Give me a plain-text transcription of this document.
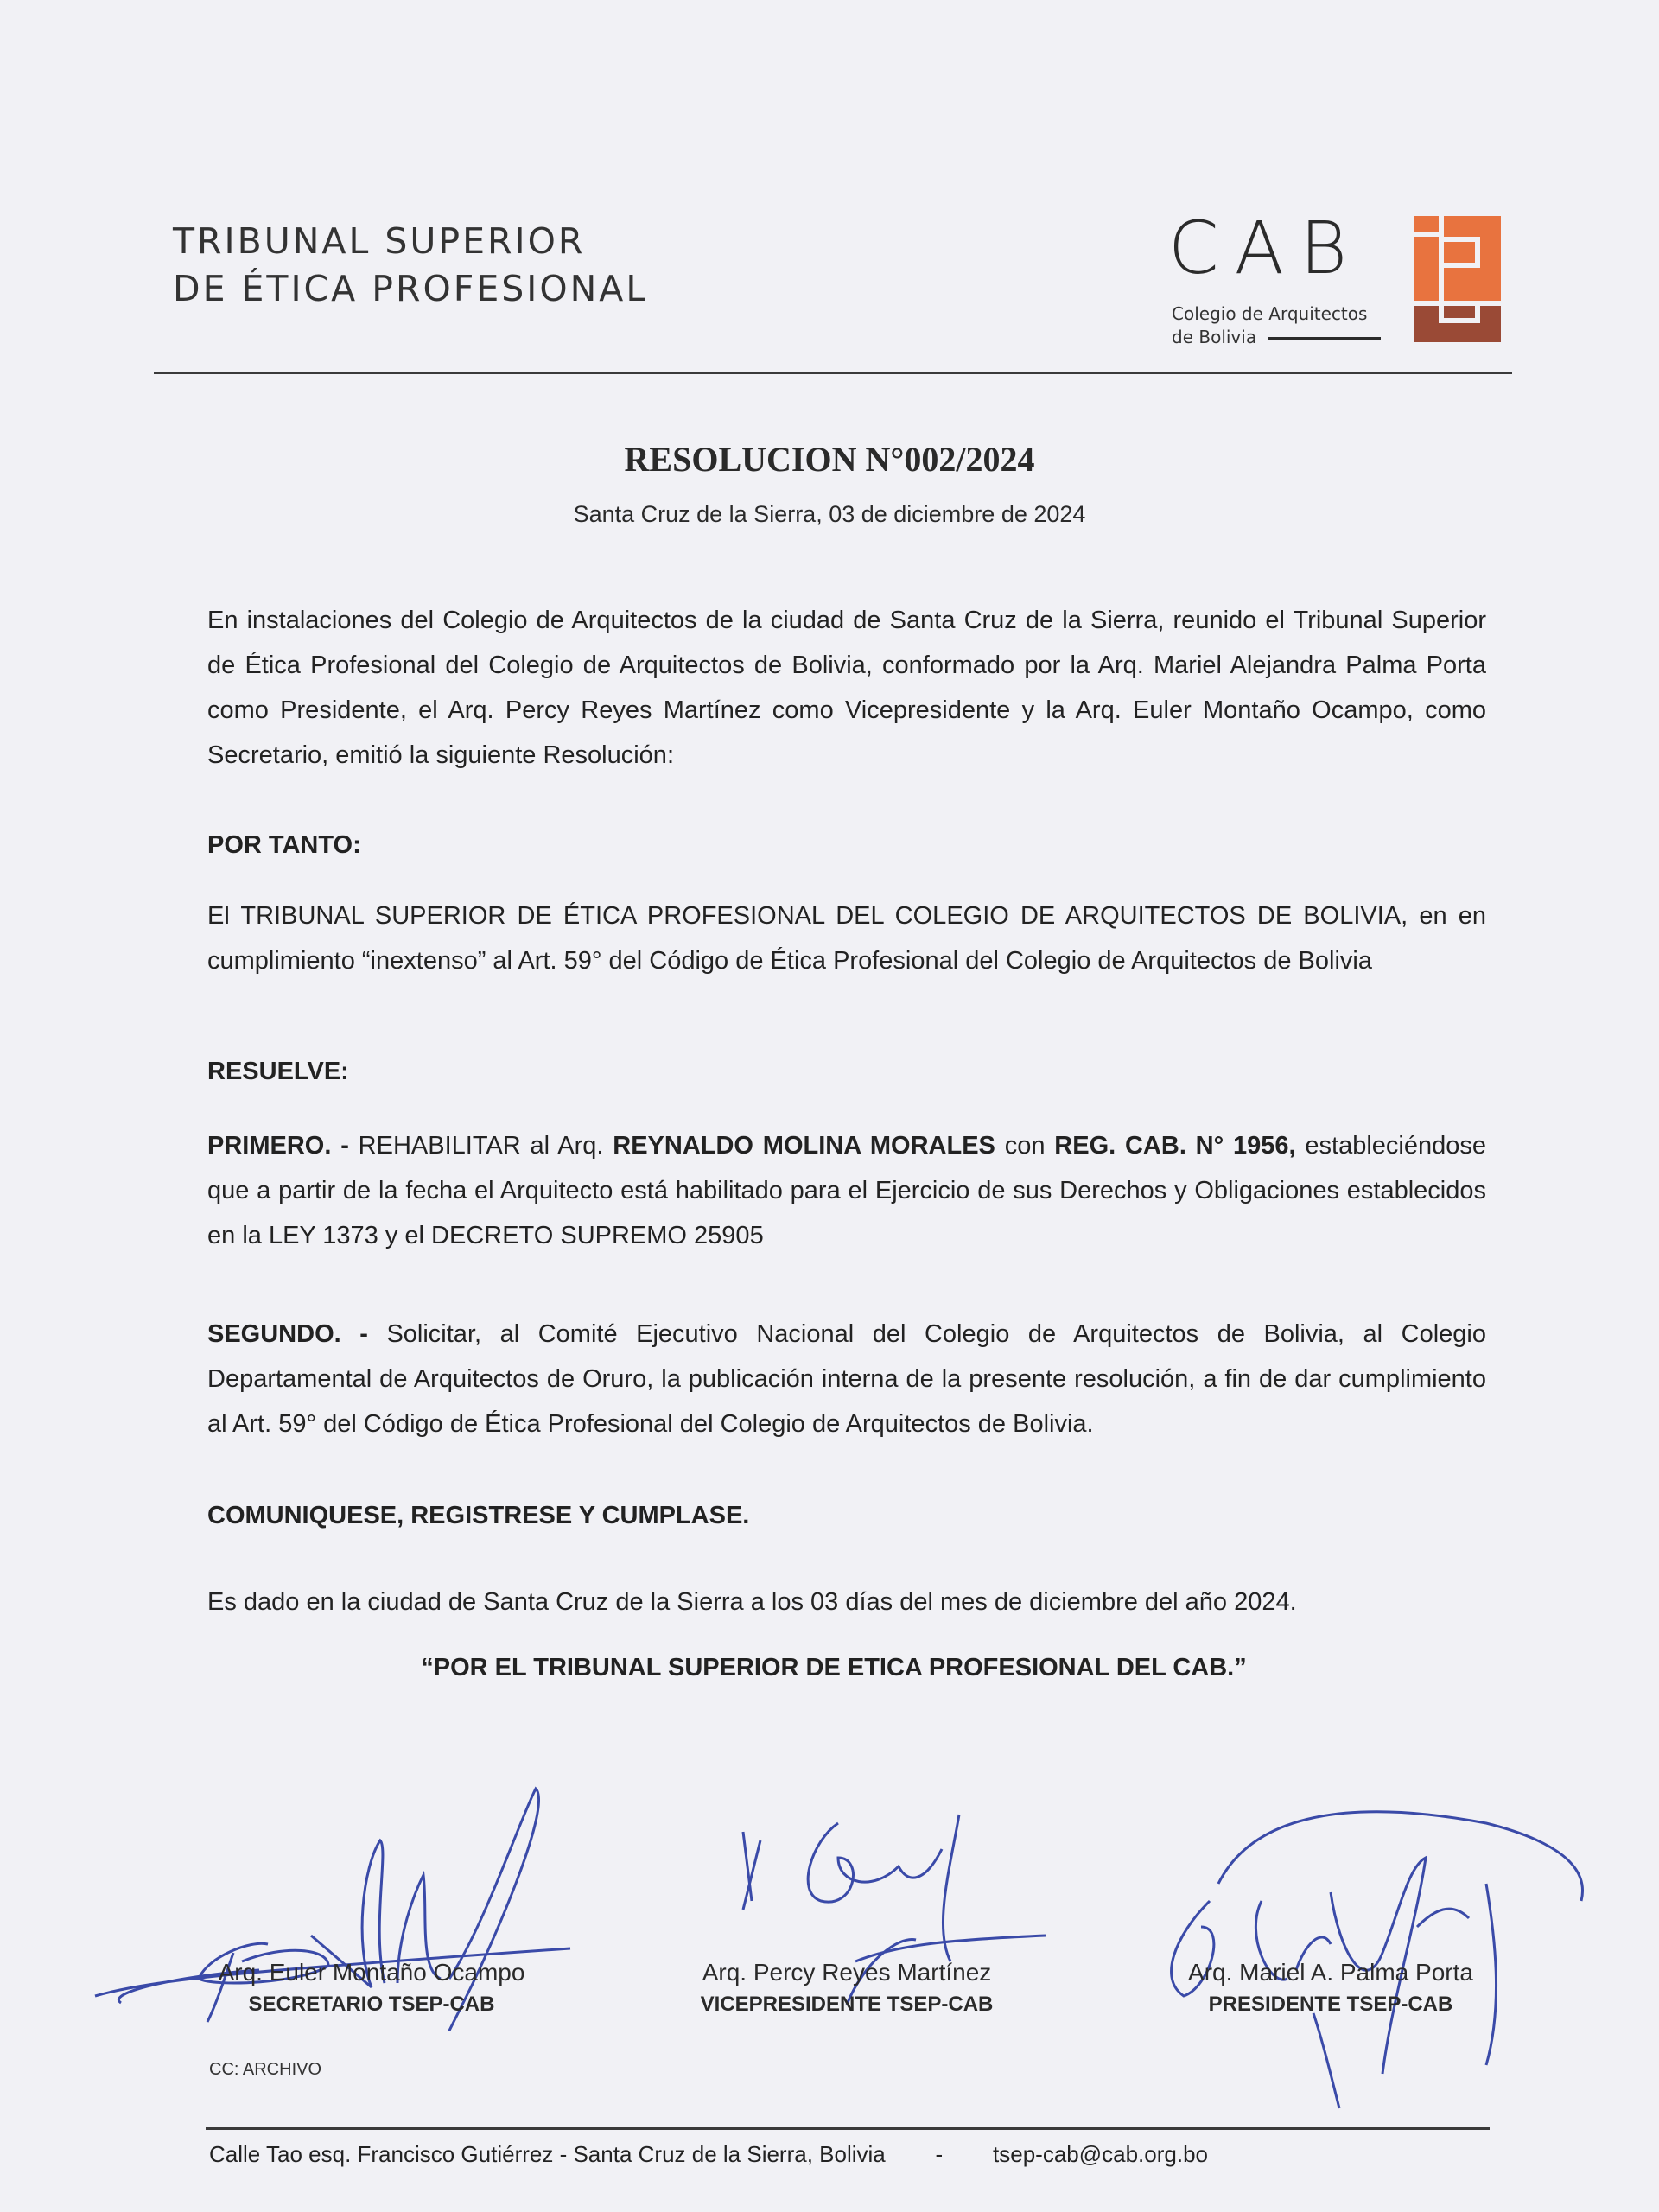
TRIBUNAL SUPERIOR
DE ÉTICA PROFESIONAL	CAB
Colegio de Arquitectos
de Bolivia
RESOLUCION N°002/2024
Santa Cruz de la Sierra, 03 de diciembre de 2024
En instalaciones del Colegio de Arquitectos de la ciudad de Santa Cruz de la Sierra, reunido el Tribunal Superior de Ética Profesional del Colegio de Arquitectos de Bolivia, conformado por la Arq. Mariel Alejandra Palma Porta como Presidente, el Arq. Percy Reyes Martínez como Vicepresidente y la Arq. Euler Montaño Ocampo, como Secretario, emitió la siguiente Resolución:
POR TANTO:
El TRIBUNAL SUPERIOR DE ÉTICA PROFESIONAL DEL COLEGIO DE ARQUITECTOS DE BOLIVIA, en en cumplimiento “inextenso” al Art. 59° del Código de Ética Profesional del Colegio de Arquitectos de Bolivia
RESUELVE:
PRIMERO. - REHABILITAR al Arq. REYNALDO MOLINA MORALES con REG. CAB. N° 1956, estableciéndose que a partir de la fecha el Arquitecto está habilitado para el Ejercicio de sus Derechos y Obligaciones establecidos en la LEY 1373 y el DECRETO SUPREMO 25905
SEGUNDO. - Solicitar, al Comité Ejecutivo Nacional del Colegio de Arquitectos de Bolivia, al Colegio Departamental de Arquitectos de Oruro, la publicación interna de la presente resolución, a fin de dar cumplimiento al Art. 59° del Código de Ética Profesional del Colegio de Arquitectos de Bolivia.
COMUNIQUESE, REGISTRESE Y CUMPLASE.
Es dado en la ciudad de Santa Cruz de la Sierra a los 03 días del mes de diciembre del año 2024.
“POR EL TRIBUNAL SUPERIOR DE ETICA PROFESIONAL DEL CAB.”
Arq. Euler Montaño Ocampo
SECRETARIO TSEP-CAB
Arq. Percy Reyes Martínez
VICEPRESIDENTE TSEP-CAB
Arq. Mariel A. Palma Porta
PRESIDENTE TSEP-CAB
CC: ARCHIVO
Calle Tao esq. Francisco Gutiérrez - Santa Cruz de la Sierra, Bolivia - tsep-cab@cab.org.bo
